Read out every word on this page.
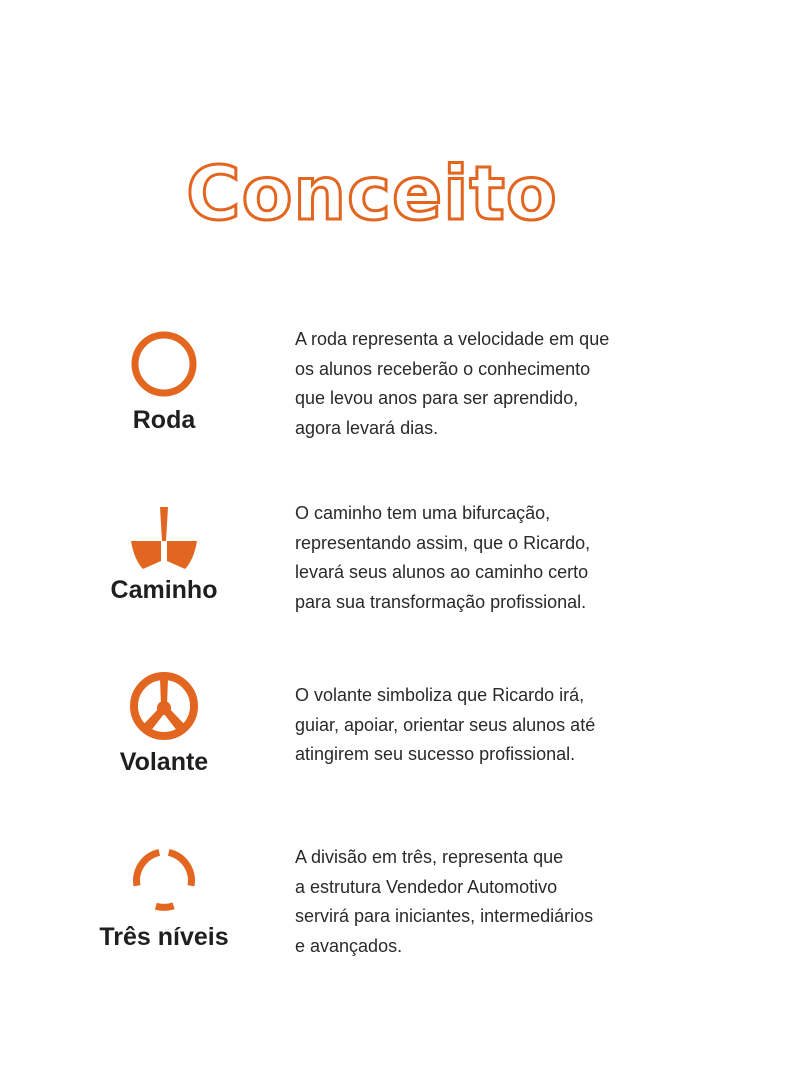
Conceito
Roda

A roda representa a velocidade em que
os alunos receberão o conhecimento
que levou anos para ser aprendido,
agora levará dias.

Caminho

O caminho tem uma bifurcação,
representando assim, que o Ricardo,
levará seus alunos ao caminho certo
para sua transformação profissional.

Volante

O volante simboliza que Ricardo irá,
guiar, apoiar, orientar seus alunos até
atingirem seu sucesso profissional.

Três níveis

A divisão em três, representa que
a estrutura Vendedor Automotivo
servirá para iniciantes, intermediários
e avançados.
